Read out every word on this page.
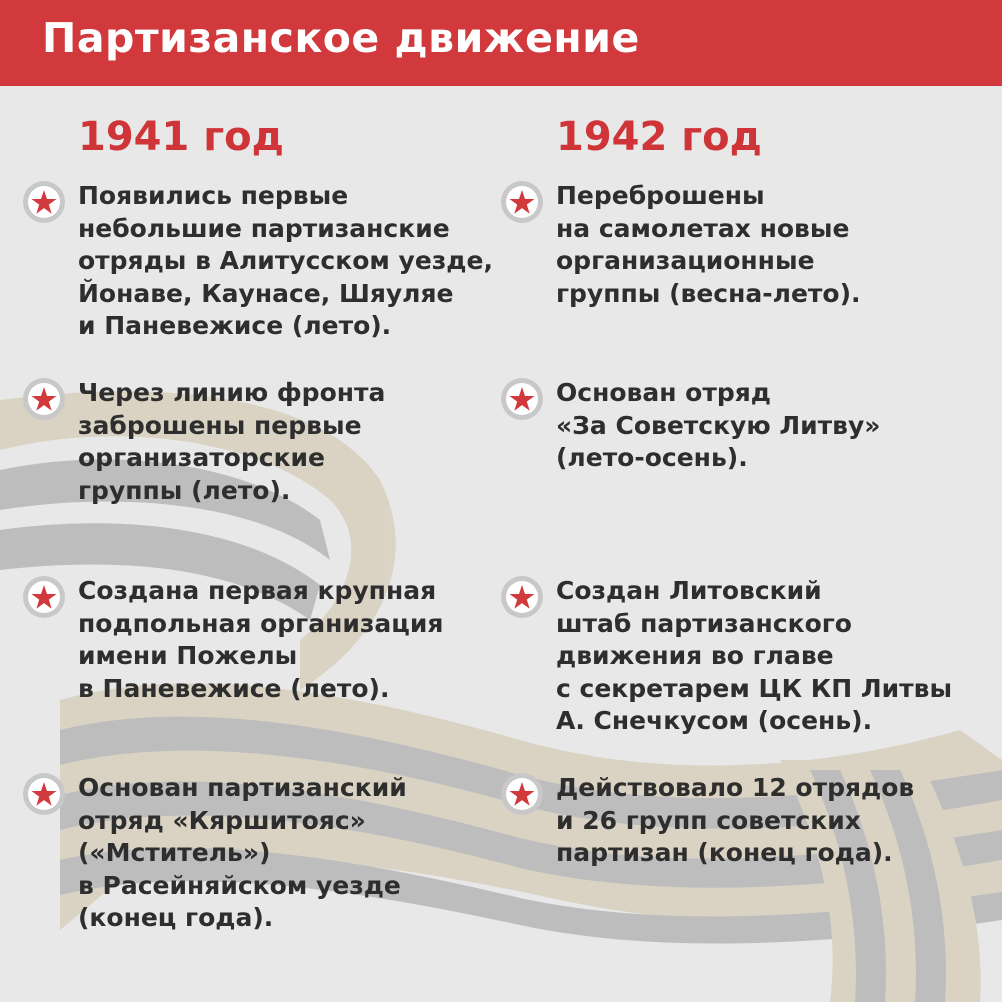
Партизанское движение
1941 год
Появились первые
небольшие партизанские
отряды в Алитусском уезде,
Йонаве, Каунасе, Шяуляе
и Паневежисе (лето).
Через линию фронта
заброшены первые
организаторские
группы (лето).
Создана первая крупная
подпольная организация
имени Пожелы
в Паневежисе (лето).
Основан партизанский
отряд «Кяршитояс»
(«Мститель»)
в Расейняйском уезде
(конец года).
1942 год
Переброшены
на самолетах новые
организационные
группы (весна-лето).
Основан отряд
«За Советскую Литву»
(лето-осень).
Создан Литовский
штаб партизанского
движения во главе
с секретарем ЦК КП Литвы
А. Снечкусом (осень).
Действовало 12 отрядов
и 26 групп советских
партизан (конец года).
